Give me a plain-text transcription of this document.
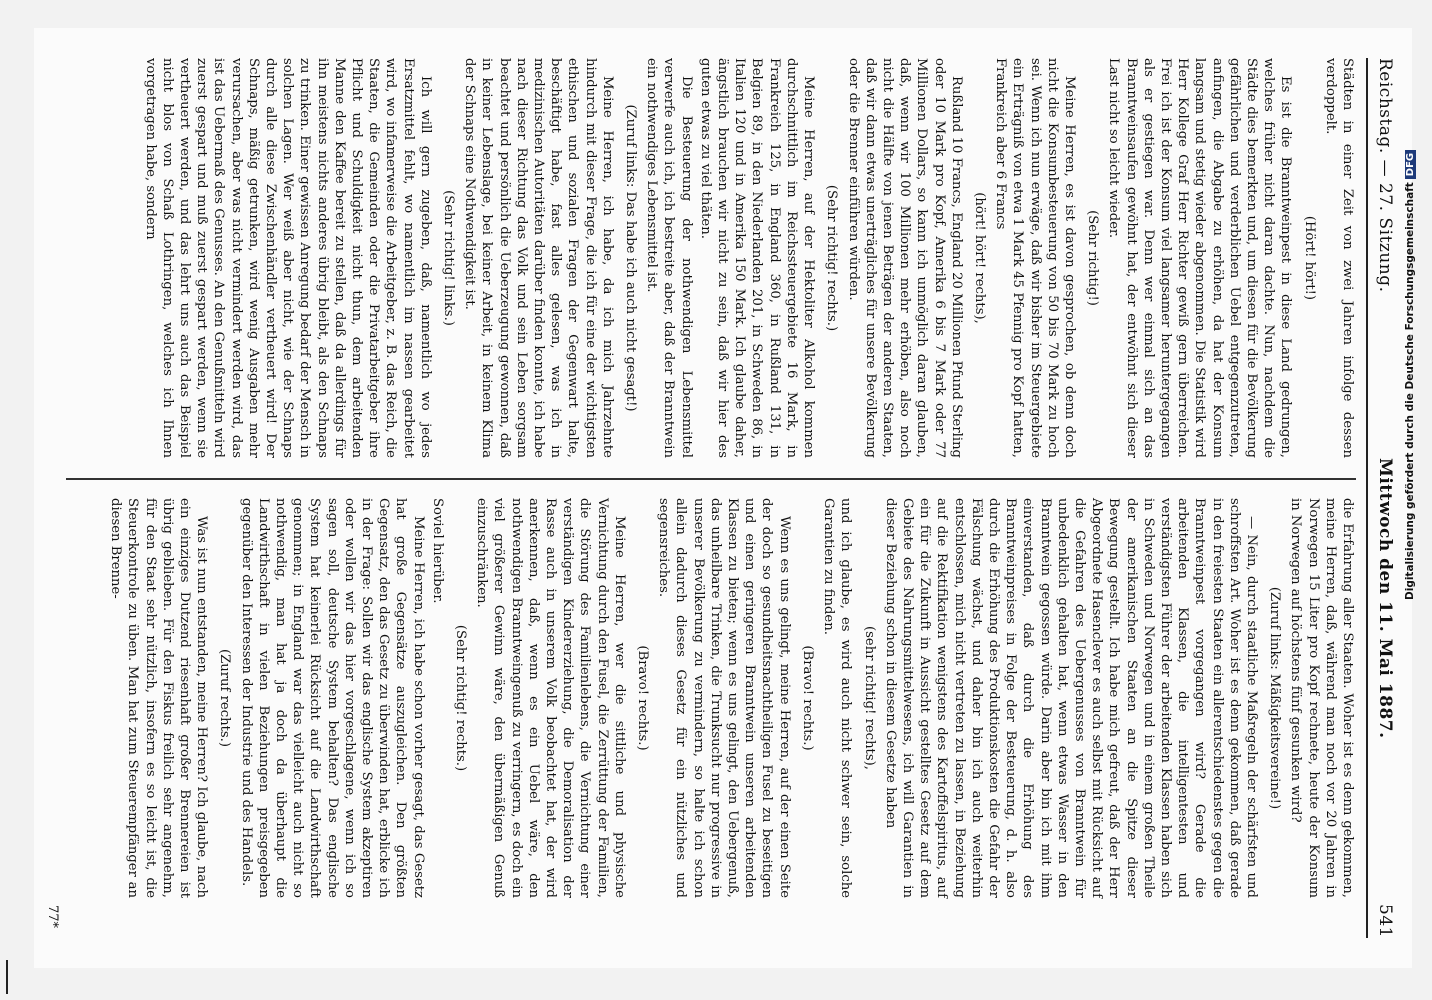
Reichstag. — 27. Sitzung.
Mittwoch den 11. Mai 1887.
541

Städten in einer Zeit von zwei Jahren infolge dessen verdoppelt.

(Hört! hört!)

Es ist die Branntweinpest in diese Land gedrungen, welches früher nicht daran dachte. Nun, nachdem die Städte dies bemerkten und, um diesen für die Bevölkerung gefährlichen und verderblichen Uebel entgegenzutreten, anfingen, die Abgabe zu erhöhen, da hat der Konsum langsam und stetig wieder abgenommen. Die Statistik wird Herr Kollege Graf Herr Richter gewiß gern überreichen. Frei ich ist der Konsum viel langsamer heruntergegangen als er gestiegen war. Denn wer einmal sich an das Branntweinsaufen gewöhnt hat, der entwöhnt sich dieser Last nicht so leicht wieder.

(Sehr richtig!)

Meine Herren, es ist davon gesprochen, ob denn doch nicht die Konsumbesteuerung von 50 bis 70 Mark zu hoch sei. Wenn ich nun erwäge, daß wir bisher im Steuergebiete ein Erträgniß von etwa 1 Mark 45 Pfennig pro Kopf hatten, Frankreich aber 6 Francs

(hört! hört! rechts),

Rußland 10 Francs, England 20 Millionen Pfund Sterling oder 10 Mark pro Kopf, Amerika 6 bis 7 Mark oder 77 Millionen Dollars, so kann ich unmöglich daran glauben, daß, wenn wir 100 Millionen mehr erhöben, also noch nicht die Hälfte von jenen Beträgen der anderen Staaten, daß wir dann etwas unerträgliches für unsere Bevölkerung oder die Brenner einführen würden.

(Sehr richtig! rechts.)

Meine Herren, auf der Hektoliter Alkohol kommen durchschnittlich im Reichssteuergebiete 16 Mark, in Frankreich 125, in England 360, in Rußland 131, in Belgien 89, in den Niederlanden 201, in Schweden 86, in Italien 120 und in Amerika 150 Mark. Ich glaube daher, ängstlich brauchen wir nicht zu sein, daß wir hier des guten etwas zu viel thäten.

Die Besteuerung der nothwendigen Lebensmittel verwerfe auch ich, ich bestreite aber, daß der Branntwein ein nothwendiges Lebensmittel ist.

(Zuruf links: Das habe ich auch nicht gesagt!)

Meine Herren, ich habe, da ich mich Jahrzehnte hindurch mit dieser Frage, die ich für eine der wichtigsten ethischen und sozialen Fragen der Gegenwart halte, beschäftigt habe, fast alles gelesen, was ich in medizinischen Autoritäten darüber finden konnte, ich habe nach dieser Richtung das Volk und sein Leben sorgsam beachtet und persönlich die Ueberzeugung gewonnen, daß in keiner Lebenslage, bei keiner Arbeit, in keinem Klima der Schnaps eine Nothwendigkeit ist.

(Sehr richtig! links.)

Ich will gern zugeben, daß, namentlich wo jedes Ersatzmittel fehlt, wo namentlich im nassen gearbeitet wird, wo infamerweise die Arbeitgeber, z. B. das Reich, die Staaten, die Gemeinden oder die Privatarbeitgeber ihre Pflicht und Schuldigkeit nicht thun, dem arbeitenden Manne den Kaffee bereit zu stellen, daß da allerdings für ihn meistens nichts anderes übrig bleibt, als den Schnaps zu trinken. Einer gewissen Anregung bedarf der Mensch in solchen Lagen. Wer weiß aber nicht, wie der Schnaps durch alle diese Zwischenhändler vertheuert wird! Der Schnaps, mäßig getrunken, wird wenig Ausgaben mehr verursachen, aber was nicht vermindert werden wird, das ist das Uebermaß des Genusses. An den Genußmitteln wird zuerst gespart und muß zuerst gespart werden, wenn sie vertheuert werden, und das lehrt uns auch das Beispiel nicht blos von Schaß Lothringen, welches ich Ihnen vorgetragen habe, sondern

die Erfahrung aller Staaten. Woher ist es denn gekommen, meine Herren, daß, während man noch vor 20 Jahren in Norwegen 15 Liter pro Kopf rechnete, heute der Konsum in Norwegen auf höchstens fünf gesunken wird?

(Zuruf links: Mäßigkeitsvereine!)

— Nein, durch staatliche Maßregeln der schärfsten und schroffsten Art. Woher ist es denn gekommen, daß gerade in den freiesten Staaten ein allerentschiedenstes gegen die Branntweinpest vorgegangen wird? Gerade die arbeitenden Klassen, die intelligentesten und verständigsten Führer der arbeitenden Klassen haben sich in Schweden und Norwegen und in einem großen Theile der amerikanischen Staaten an die Spitze dieser Bewegung gestellt. Ich habe mich gefreut, daß der Herr Abgeordnete Hasenclever es auch selbst mit Rücksicht auf die Gefahren des Uebergenusses von Branntwein für unbedenklich gehalten hat, wenn etwas Wasser in den Branntwein gegossen würde. Darin aber bin ich mit ihm einverstanden, daß durch die Erhöhung des Branntweinpreises in Folge der Besteuerung, d. h. also durch die Erhöhung des Produktionskosten die Gefahr der Fälschung wächst, und daher bin ich auch weiterhin entschlossen, mich nicht vertreten zu lassen, in Beziehung auf die Rektifikation wenigstens des Kartoffelspiritus, auf ein für die Zukunft in Aussicht gestelltes Gesetz auf dem Gebiete des Nahrungsmittelwesens, ich will Garantien in dieser Beziehung schon in diesem Gesetze haben

(sehr richtig! rechts),

und ich glaube, es wird auch nicht schwer sein, solche Garantien zu finden.

(Bravo! rechts.)

Wenn es uns gelingt, meine Herren, auf der einen Seite der doch so gesundheitsnachtheiligen Fusel zu beseitigen und einen geringeren Branntwein unseren arbeitenden Klassen zu bieten; wenn es uns gelingt, den Uebergenuß, das unheilbare Trinken, die Trunksucht nur progressive in unserer Bevölkerung zu vermindern, so halte ich schon allein dadurch dieses Gesetz für ein nützliches und segensreiches.

(Bravo! rechts.)

Meine Herren, wer die sittliche und physische Vernichtung durch den Fusel, die Zerrüttung der Familien, die Störung des Familienlebens, die Vernichtung einer verständigen Kindererziehung, die Demoralisation der Rasse auch in unserem Volk beobachtet hat, der wird anerkennen, daß, wenn es ein Uebel wäre, den nothwendigen Branntweingenuß zu verringern, es doch ein viel größerer Gewinn wäre, den übermäßigen Genuß einzuschränken.

(Sehr richtig! rechts.)

Soviel hierüber.

Meine Herren, ich habe schon vorher gesagt, das Gesetz hat große Gegensätze auszugleichen. Den größten Gegensatz, den das Gesetz zu überwinden hat, erblicke ich in der Frage: Sollen wir das englische System akzeptiren oder wollen wir das hier vorgeschlagene, wenn ich so sagen soll, deutsche System behalten? Das englische System hat keinerlei Rücksicht auf die Landwirthschaft genommen; in England war das vielleicht auch nicht so nothwendig, man hat ja doch da überhaupt die Landwirthschaft in vielen Beziehungen preisgegeben gegenüber den Interessen der Industrie und des Handels.

(Zuruf rechts.)

Was ist nun entstanden, meine Herren? Ich glaube, nach ein einziges Dutzend riesenhaft großer Brennereien ist übrig geblieben. Für den Fiskus freilich sehr angenehm, für den Staat sehr nützlich, insofern es so leicht ist, die Steuerkontrole zu üben. Man hat zum Steuerempfänger an diesen Brenne-

77*
Digitalisierung gefördert durch die Deutsche ForschungsgemeinschaftDFG
